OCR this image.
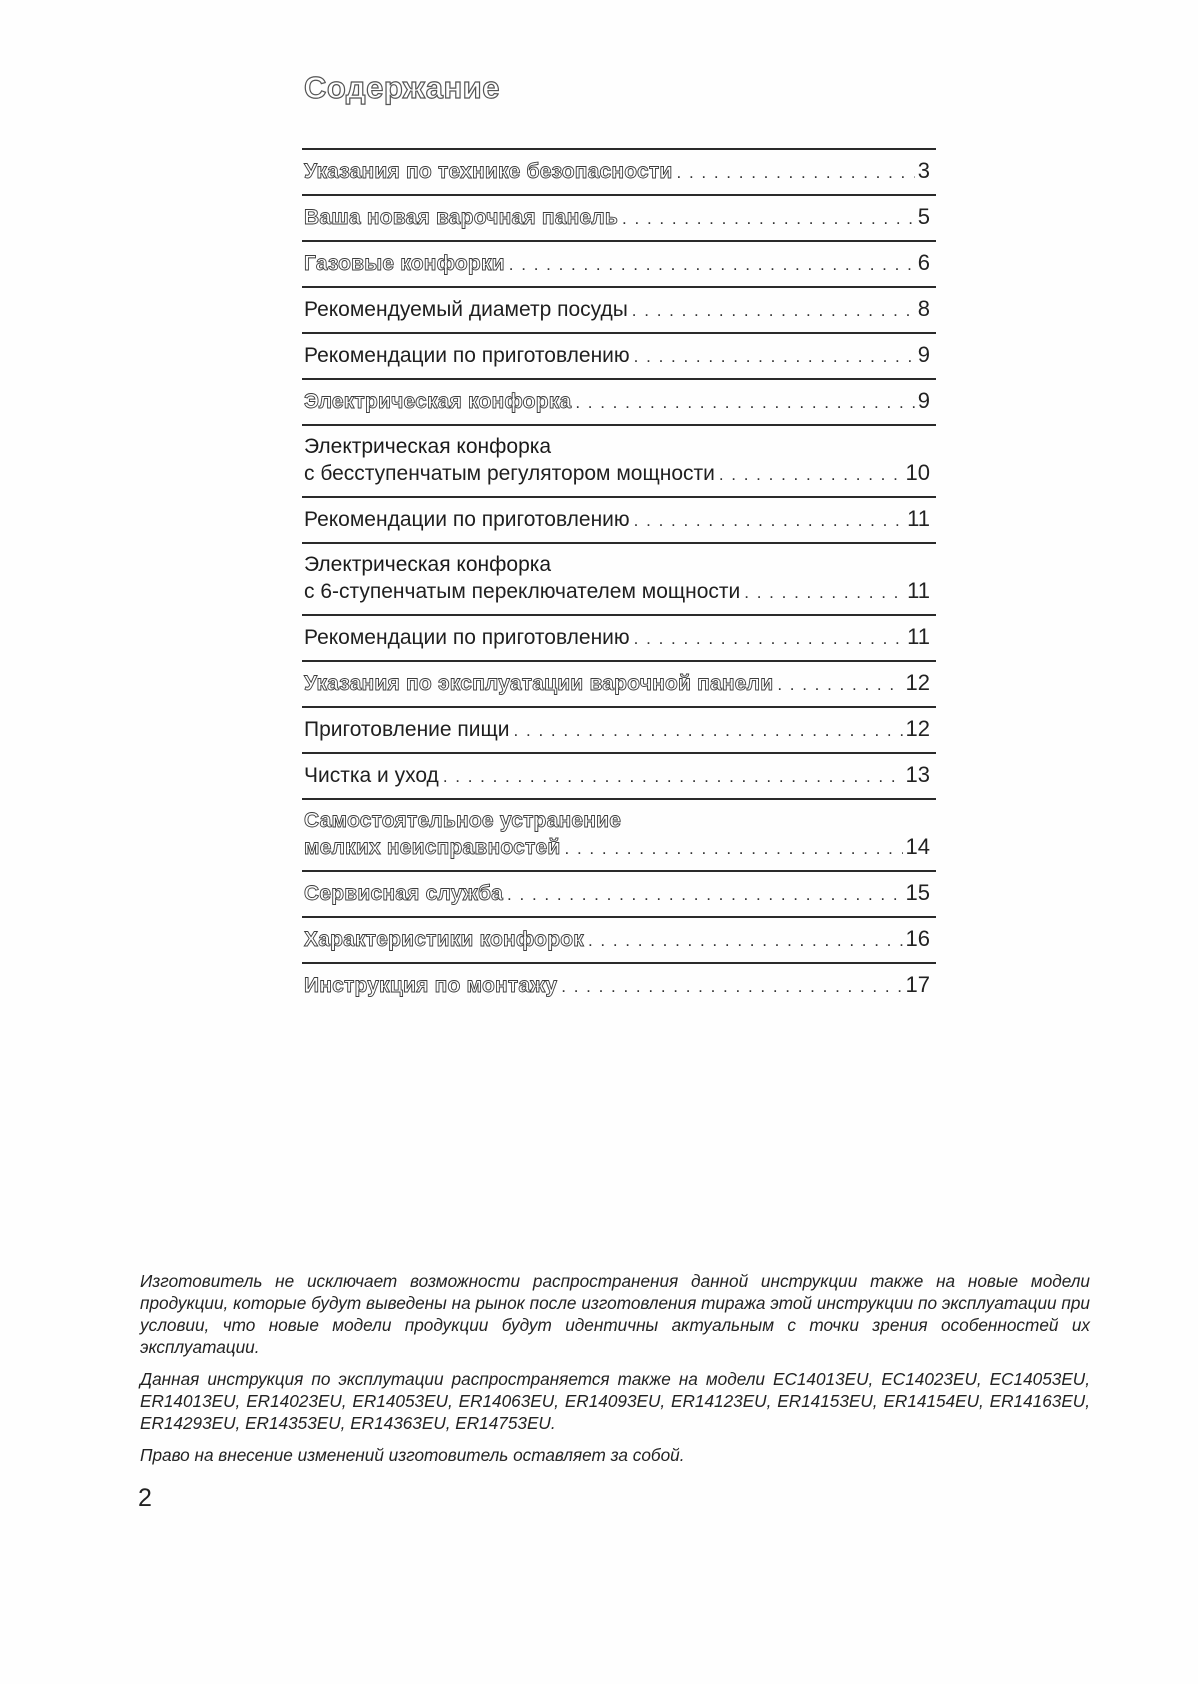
Содержание
Указания по технике безопасности . . .	3
Ваша новая варочная панель . . .	5
Газовые конфорки . . .	6
Рекомендуемый диаметр посуды . . .	8
Рекомендации по приготовлению . . .	9
Электрическая конфорка . . .	9
Электрическая конфорка
с бесступенчатым регулятором мощности . . .	10
Рекомендации по приготовлению . . .	11
Электрическая конфорка
с 6-ступенчатым переключателем мощности . . .	11
Рекомендации по приготовлению . . .	11
Указания по эксплуатации варочной панели . . .	12
Приготовление пищи . . .	12
Чистка и уход . . .	13
Самостоятельное устранение
мелких неисправностей . . .	14
Сервисная служба . . .	15
Характеристики конфорок . . .	16
Инструкция по монтажу . . .	17

Изготовитель не исключает возможности распространения данной инструкции также на новые модели продукции, которые будут выведены на рынок после изготовления тиража этой инструкции по эксплуатации при условии, что новые модели продукции будут идентичны актуальным с точки зрения особенностей их эксплуатации.

Данная инструкция по эксплутации распространяется также на модели EC14013EU, EC14023EU, EC14053EU, ER14013EU, ER14023EU, ER14053EU, ER14063EU, ER14093EU, ER14123EU, ER14153EU, ER14154EU, ER14163EU, ER14293EU, ER14353EU, ER14363EU, ER14753EU.

Право на внесение изменений изготовитель оставляет за собой.

2
